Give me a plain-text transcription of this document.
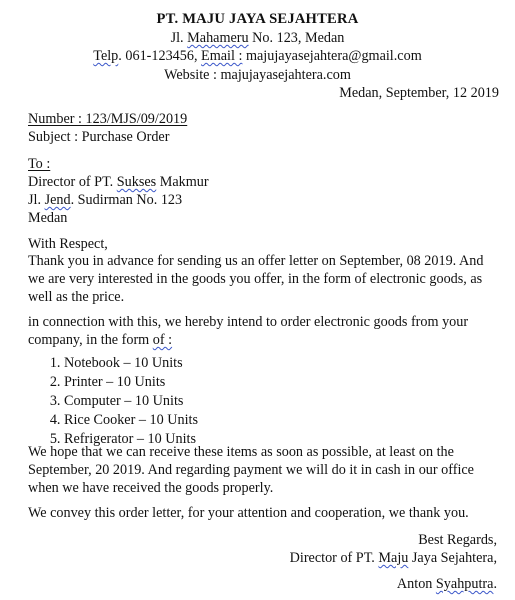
PT. MAJU JAYA SEJAHTERA
Jl. Mahameru No. 123, Medan
Telp. 061-123456, Email : majujayasejahtera@gmail.com
Website : majujayasejahtera.com
Medan, September, 12 2019
Number : 123/MJS/09/2019
Subject : Purchase Order
To :
Director of PT. Sukses Makmur
Jl. Jend. Sudirman No. 123
Medan
With Respect,
Thank you in advance for sending us an offer letter on September, 08 2019. And we are very interested in the goods you offer, in the form of electronic goods, as well as the price.
in connection with this, we hereby intend to order electronic goods from your company, in the form of :
1. Notebook – 10 Units
2. Printer – 10 Units
3. Computer – 10 Units
4. Rice Cooker – 10 Units
5. Refrigerator – 10 Units
We hope that we can receive these items as soon as possible, at least on the September, 20 2019. And regarding payment we will do it in cash in our office when we have received the goods properly.
We convey this order letter, for your attention and cooperation, we thank you.
Best Regards,
Director of PT. Maju Jaya Sejahtera,
Anton Syahputra.
